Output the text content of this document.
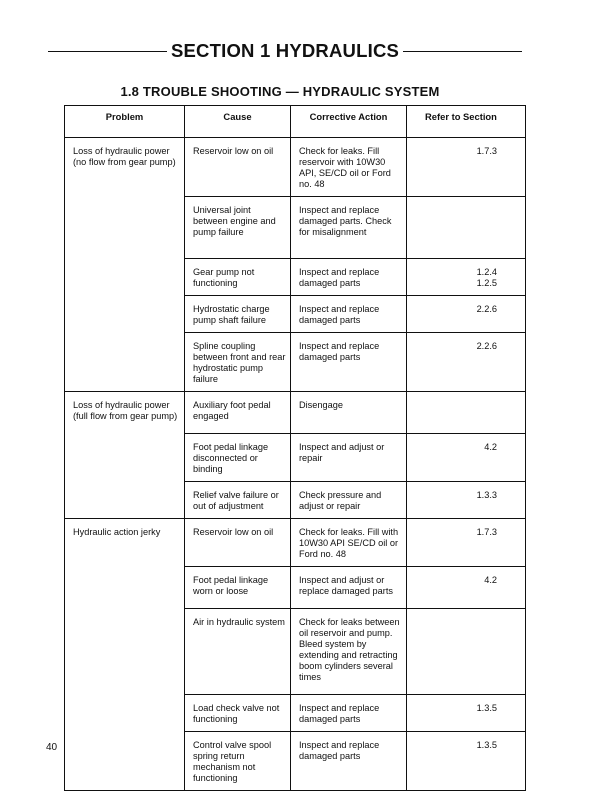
SECTION 1 HYDRAULICS
1.8 TROUBLE SHOOTING — HYDRAULIC SYSTEM
Problem	Cause	Corrective Action	Refer to Section
Loss of hydraulic power (no flow from gear pump)	Reservoir low on oil	Check for leaks. Fill reservoir with 10W30 API, SE/CD oil or Ford no. 48	1.7.3

	Universal joint between engine and pump failure	Inspect and replace damaged parts. Check for misalignment	
	Gear pump not functioning	Inspect and replace damaged parts	1.2.4
1.2.5

	Hydrostatic charge pump shaft failure	Inspect and replace damaged parts	2.2.6

	Spline coupling between front and rear hydrostatic pump failure	Inspect and replace damaged parts	2.2.6

Loss of hydraulic power (full flow from gear pump)	Auxiliary foot pedal engaged	Disengage	
	Foot pedal linkage disconnected or binding	Inspect and adjust or repair	4.2

	Relief valve failure or out of adjustment	Check pressure and adjust or repair	1.3.3

Hydraulic action jerky	Reservoir low on oil	Check for leaks. Fill with 10W30 API SE/CD oil or Ford no. 48	1.7.3

	Foot pedal linkage worn or loose	Inspect and adjust or replace damaged parts	4.2

	Air in hydraulic system	Check for leaks between oil reservoir and pump. Bleed system by extending and retracting boom cylinders several times	
	Load check valve not functioning	Inspect and replace damaged parts	1.3.5

	Control valve spool spring return mechanism not functioning	Inspect and replace damaged parts	1.3.5
40
